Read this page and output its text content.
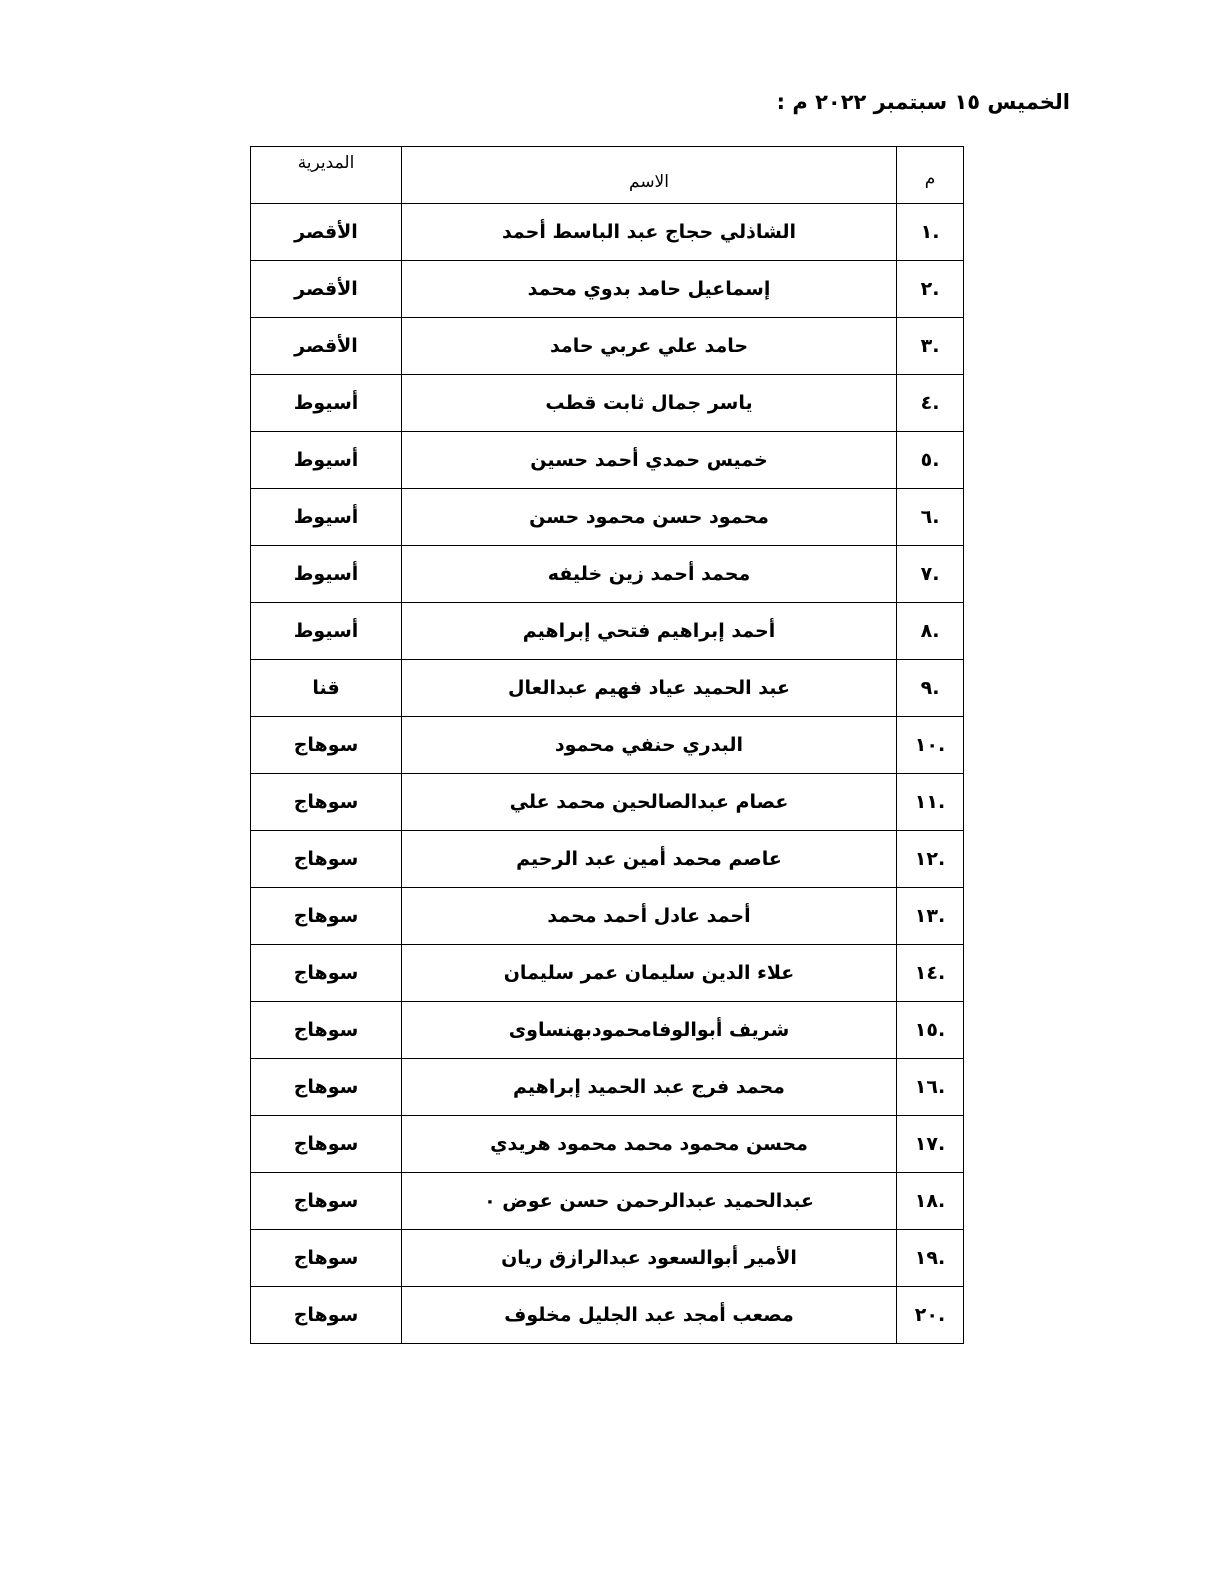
الخميس ١٥ سبتمبر ٢٠٢٢ م :
م	الاسم	المديرية

.١	الشاذلي حجاج عبد الباسط أحمد	الأقصر
.٢	إسماعيل حامد بدوي محمد	الأقصر
.٣	حامد علي عربي حامد	الأقصر
.٤	ياسر جمال ثابت قطب	أسيوط
.٥	خميس حمدي أحمد حسين	أسيوط
.٦	محمود حسن محمود حسن	أسيوط
.٧	محمد أحمد زين خليفه	أسيوط
.٨	أحمد إبراهيم فتحي إبراهيم	أسيوط
.٩	عبد الحميد عياد فهيم عبدالعال	قنا
.١٠	البدري حنفي محمود	سوهاج
.١١	عصام عبدالصالحين محمد علي	سوهاج
.١٢	عاصم محمد أمين عبد الرحيم	سوهاج
.١٣	أحمد عادل أحمد محمد	سوهاج
.١٤	علاء الدين سليمان عمر سليمان	سوهاج
.١٥	شريف أبوالوفامحمودبهنساوى	سوهاج
.١٦	محمد فرج عبد الحميد إبراهيم	سوهاج
.١٧	محسن محمود محمد محمود هريدي	سوهاج
.١٨	عبدالحميد عبدالرحمن حسن عوض ٠	سوهاج
.١٩	الأمير أبوالسعود عبدالرازق ريان	سوهاج
.٢٠	مصعب أمجد عبد الجليل مخلوف	سوهاج
